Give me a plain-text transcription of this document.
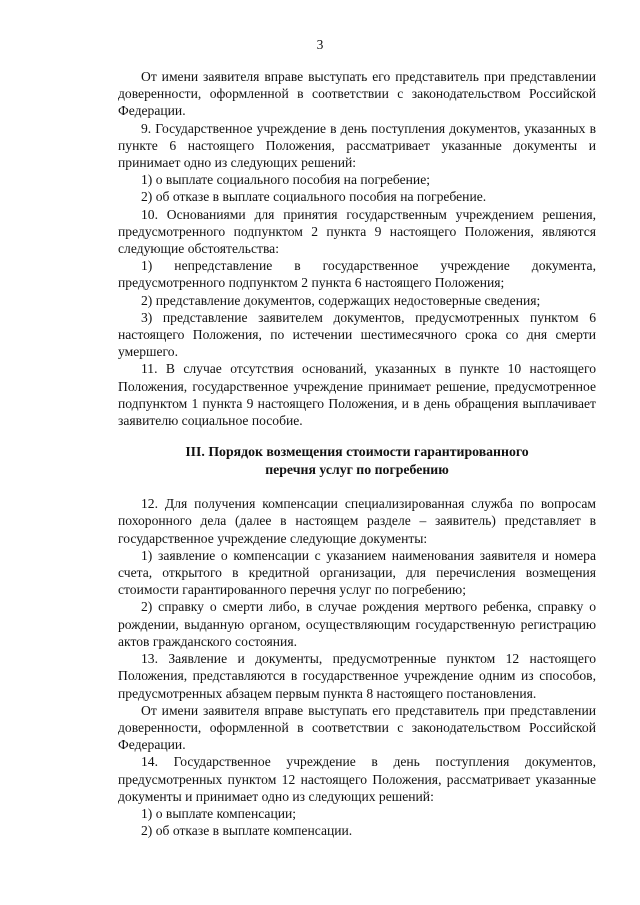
3

От имени заявителя вправе выступать его представитель при представлении доверенности, оформленной в соответствии с законодательством Российской Федерации.

9. Государственное учреждение в день поступления документов, указанных в пункте 6 настоящего Положения, рассматривает указанные документы и принимает одно из следующих решений:

1) о выплате социального пособия на погребение;

2) об отказе в выплате социального пособия на погребение.

10. Основаниями для принятия государственным учреждением решения, предусмотренного подпунктом 2 пункта 9 настоящего Положения, являются следующие обстоятельства:

1) непредставление в государственное учреждение документа, предусмотренного подпунктом 2 пункта 6 настоящего Положения;

2) представление документов, содержащих недостоверные сведения;

3) представление заявителем документов, предусмотренных пунктом 6 настоящего Положения, по истечении шестимесячного срока со дня смерти умершего.

11. В случае отсутствия оснований, указанных в пункте 10 настоящего Положения, государственное учреждение принимает решение, предусмотренное подпунктом 1 пункта 9 настоящего Положения, и в день обращения выплачивает заявителю социальное пособие.

III. Порядок возмещения стоимости гарантированного
перечня услуг по погребению

12. Для получения компенсации специализированная служба по вопросам похоронного дела (далее в настоящем разделе – заявитель) представляет в государственное учреждение следующие документы:

1) заявление о компенсации с указанием наименования заявителя и номера счета, открытого в кредитной организации, для перечисления возмещения стоимости гарантированного перечня услуг по погребению;

2) справку о смерти либо, в случае рождения мертвого ребенка, справку о рождении, выданную органом, осуществляющим государственную регистрацию актов гражданского состояния.

13. Заявление и документы, предусмотренные пунктом 12 настоящего Положения, представляются в государственное учреждение одним из способов, предусмотренных абзацем первым пункта 8 настоящего постановления.

От имени заявителя вправе выступать его представитель при представлении доверенности, оформленной в соответствии с законодательством Российской Федерации.

14. Государственное учреждение в день поступления документов, предусмотренных пунктом 12 настоящего Положения, рассматривает указанные документы и принимает одно из следующих решений:

1) о выплате компенсации;

2) об отказе в выплате компенсации.
